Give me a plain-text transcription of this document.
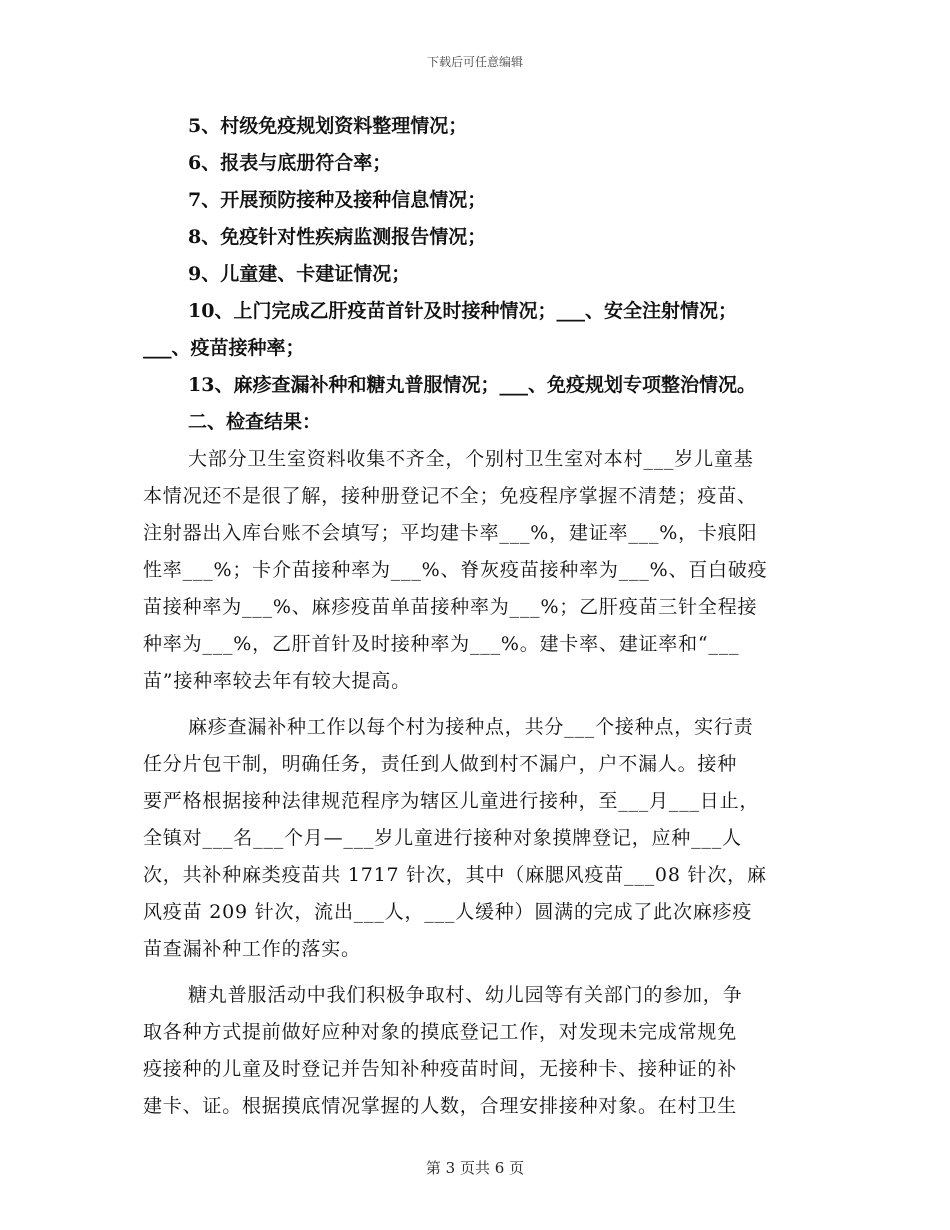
下载后可任意编辑
5、村级免疫规划资料整理情况；
6、报表与底册符合率；
7、开展预防接种及接种信息情况；
8、免疫针对性疾病监测报告情况；
9、儿童建、卡建证情况；
10、上门完成乙肝疫苗首针及时接种情况；___、安全注射情况；
___、疫苗接种率；
13、麻疹查漏补种和糖丸普服情况；___、免疫规划专项整治情况。
二、检查结果：
大部分卫生室资料收集不齐全，个别村卫生室对本村___岁儿童基
本情况还不是很了解，接种册登记不全；免疫程序掌握不清楚；疫苗、
注射器出入库台账不会填写；平均建卡率___%，建证率___%，卡痕阳
性率___%；卡介苗接种率为___%、脊灰疫苗接种率为___%、百白破疫
苗接种率为___%、麻疹疫苗单苗接种率为___%；乙肝疫苗三针全程接
种率为___%，乙肝首针及时接种率为___%。建卡率、建证率和“___
苗”接种率较去年有较大提高。
麻疹查漏补种工作以每个村为接种点，共分___个接种点，实行责
任分片包干制，明确任务，责任到人做到村不漏户，户不漏人。接种
要严格根据接种法律规范程序为辖区儿童进行接种，至___月___日止，
全镇对___名___个月—___岁儿童进行接种对象摸牌登记，应种___人
次，共补种麻类疫苗共 1717 针次，其中（麻腮风疫苗___08 针次，麻
风疫苗 209 针次，流出___人，___人缓种）圆满的完成了此次麻疹疫
苗查漏补种工作的落实。
糖丸普服活动中我们积极争取村、幼儿园等有关部门的参加，争
取各种方式提前做好应种对象的摸底登记工作，对发现未完成常规免
疫接种的儿童及时登记并告知补种疫苗时间，无接种卡、接种证的补
建卡、证。根据摸底情况掌握的人数，合理安排接种对象。在村卫生
第 3 页共 6 页
